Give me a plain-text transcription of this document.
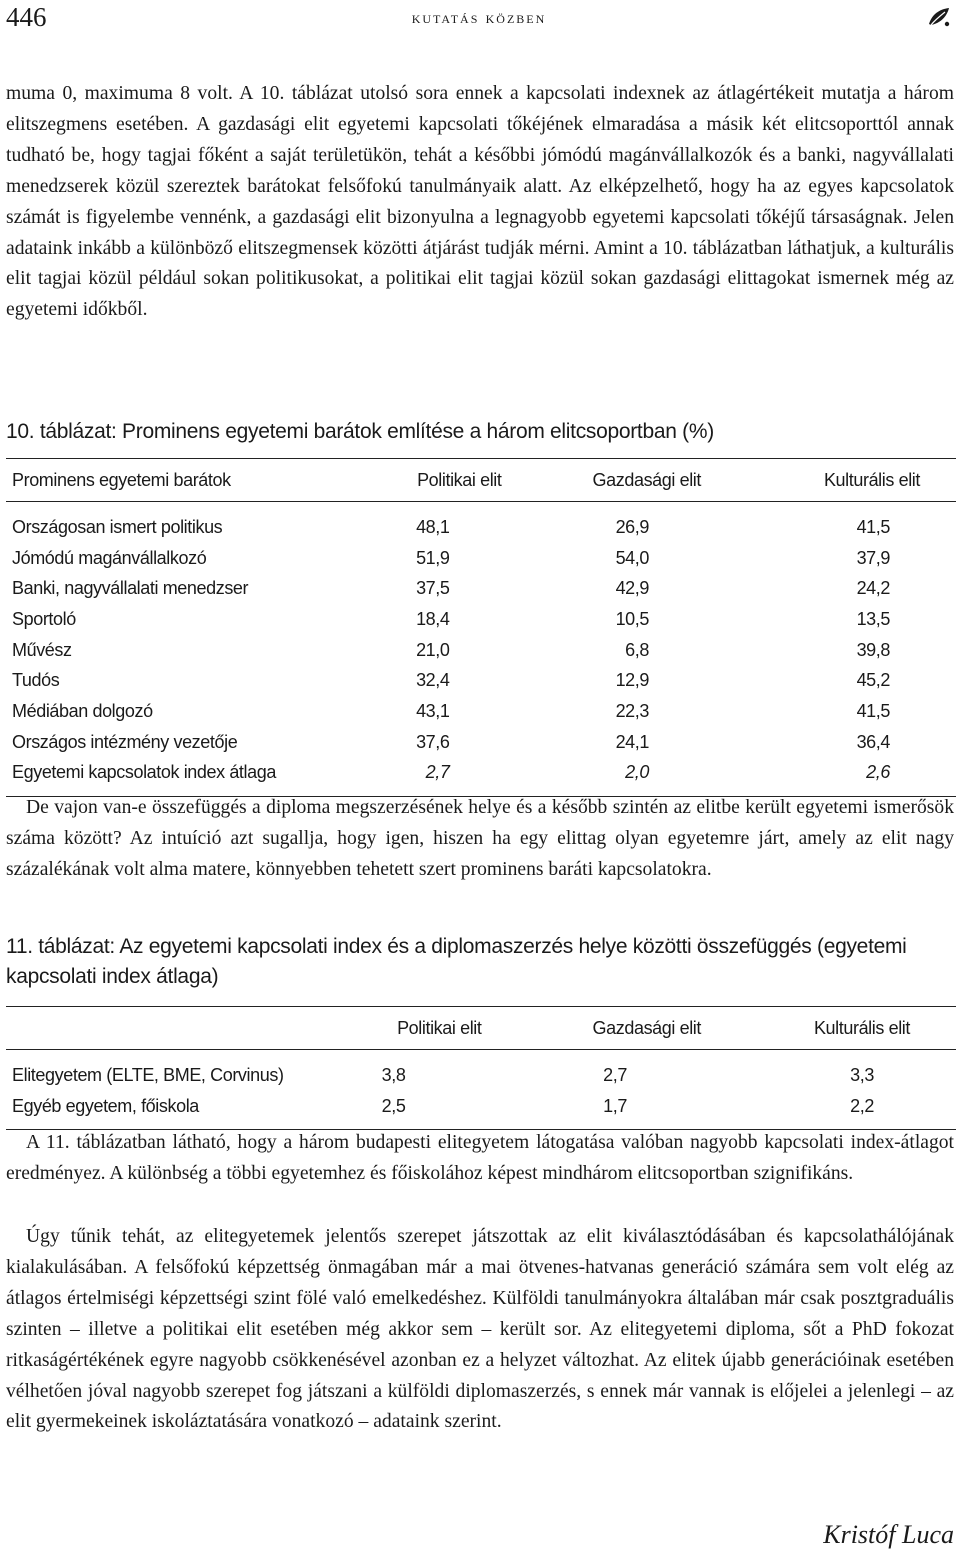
446	kutatás közben

muma 0, maximuma 8 volt. A 10. táblázat utolsó sora ennek a kapcsolati indexnek az átlagértékeit mutatja a három elitszegmens esetében. A gazdasági elit egyetemi kapcsolati tőkéjének elmaradása a másik két elitcsoporttól annak tudható be, hogy tagjai főként a saját területükön, tehát a későbbi jómódú magánvállalkozók és a banki, nagyvállalati menedzserek közül szereztek barátokat felsőfokú tanulmányaik alatt. Az elképzelhető, hogy ha az egyes kapcsolatok számát is figyelembe vennénk, a gazdasági elit bizonyulna a legnagyobb egyetemi kapcsolati tőkéjű társaságnak. Jelen adataink inkább a különböző elitszegmensek közötti átjárást tudják mérni. Amint a 10. táblázatban láthatjuk, a kulturális elit tagjai közül például sokan politikusokat, a politikai elit tagjai közül sokan gazdasági elittagokat ismernek még az egyetemi időkből.

10. táblázat: Prominens egyetemi barátok említése a három elitcsoportban (%)
Prominens egyetemi barátok	Politikai elit	Gazdasági elit	Kulturális elit
Országosan ismert politikus	48,1	26,9	41,5
Jómódú magánvállalkozó	51,9	54,0	37,9
Banki, nagyvállalati menedzser	37,5	42,9	24,2
Sportoló	18,4	10,5	13,5
Művész	21,0	6,8	39,8
Tudós	32,4	12,9	45,2
Médiában dolgozó	43,1	22,3	41,5
Országos intézmény vezetője	37,6	24,1	36,4
Egyetemi kapcsolatok index átlaga	2,7	2,0	2,6

De vajon van-e összefüggés a diploma megszerzésének helye és a később szintén az elitbe került egyetemi ismerősök száma között? Az intuíció azt sugallja, hogy igen, hiszen ha egy elittag olyan egyetemre járt, amely az elit nagy százalékának volt alma matere, könnyebben tehetett szert prominens baráti kapcsolatokra.

11. táblázat: Az egyetemi kapcsolati index és a diplomaszerzés helye közötti összefüggés (egyetemi kapcsolati index átlaga)
	Politikai elit	Gazdasági elit	Kulturális elit
Elitegyetem (ELTE, BME, Corvinus)	3,8	2,7	3,3
Egyéb egyetem, főiskola	2,5	1,7	2,2

A 11. táblázatban látható, hogy a három budapesti elitegyetem látogatása valóban nagyobb kapcsolati index-átlagot eredményez. A különbség a többi egyetemhez és főiskolához képest mindhárom elitcsoportban szignifikáns.

Úgy tűnik tehát, az elitegyetemek jelentős szerepet játszottak az elit kiválasztódásában és kapcsolathálójának kialakulásában. A felsőfokú képzettség önmagában már a mai ötvenes-hatvanas generáció számára sem volt elég az átlagos értelmiségi képzettségi szint fölé való emelkedéshez. Külföldi tanulmányokra általában már csak posztgraduális szinten – illetve a politikai elit esetében még akkor sem – került sor. Az elitegyetemi diploma, sőt a PhD fokozat ritkaságértékének egyre nagyobb csökkenésével azonban ez a helyzet változhat. Az elitek újabb generációinak esetében vélhetően jóval nagyobb szerepet fog játszani a külföldi diplomaszerzés, s ennek már vannak is előjelei a jelenlegi – az elit gyermekeinek iskoláztatására vonatkozó – adataink szerint.

Kristóf Luca
